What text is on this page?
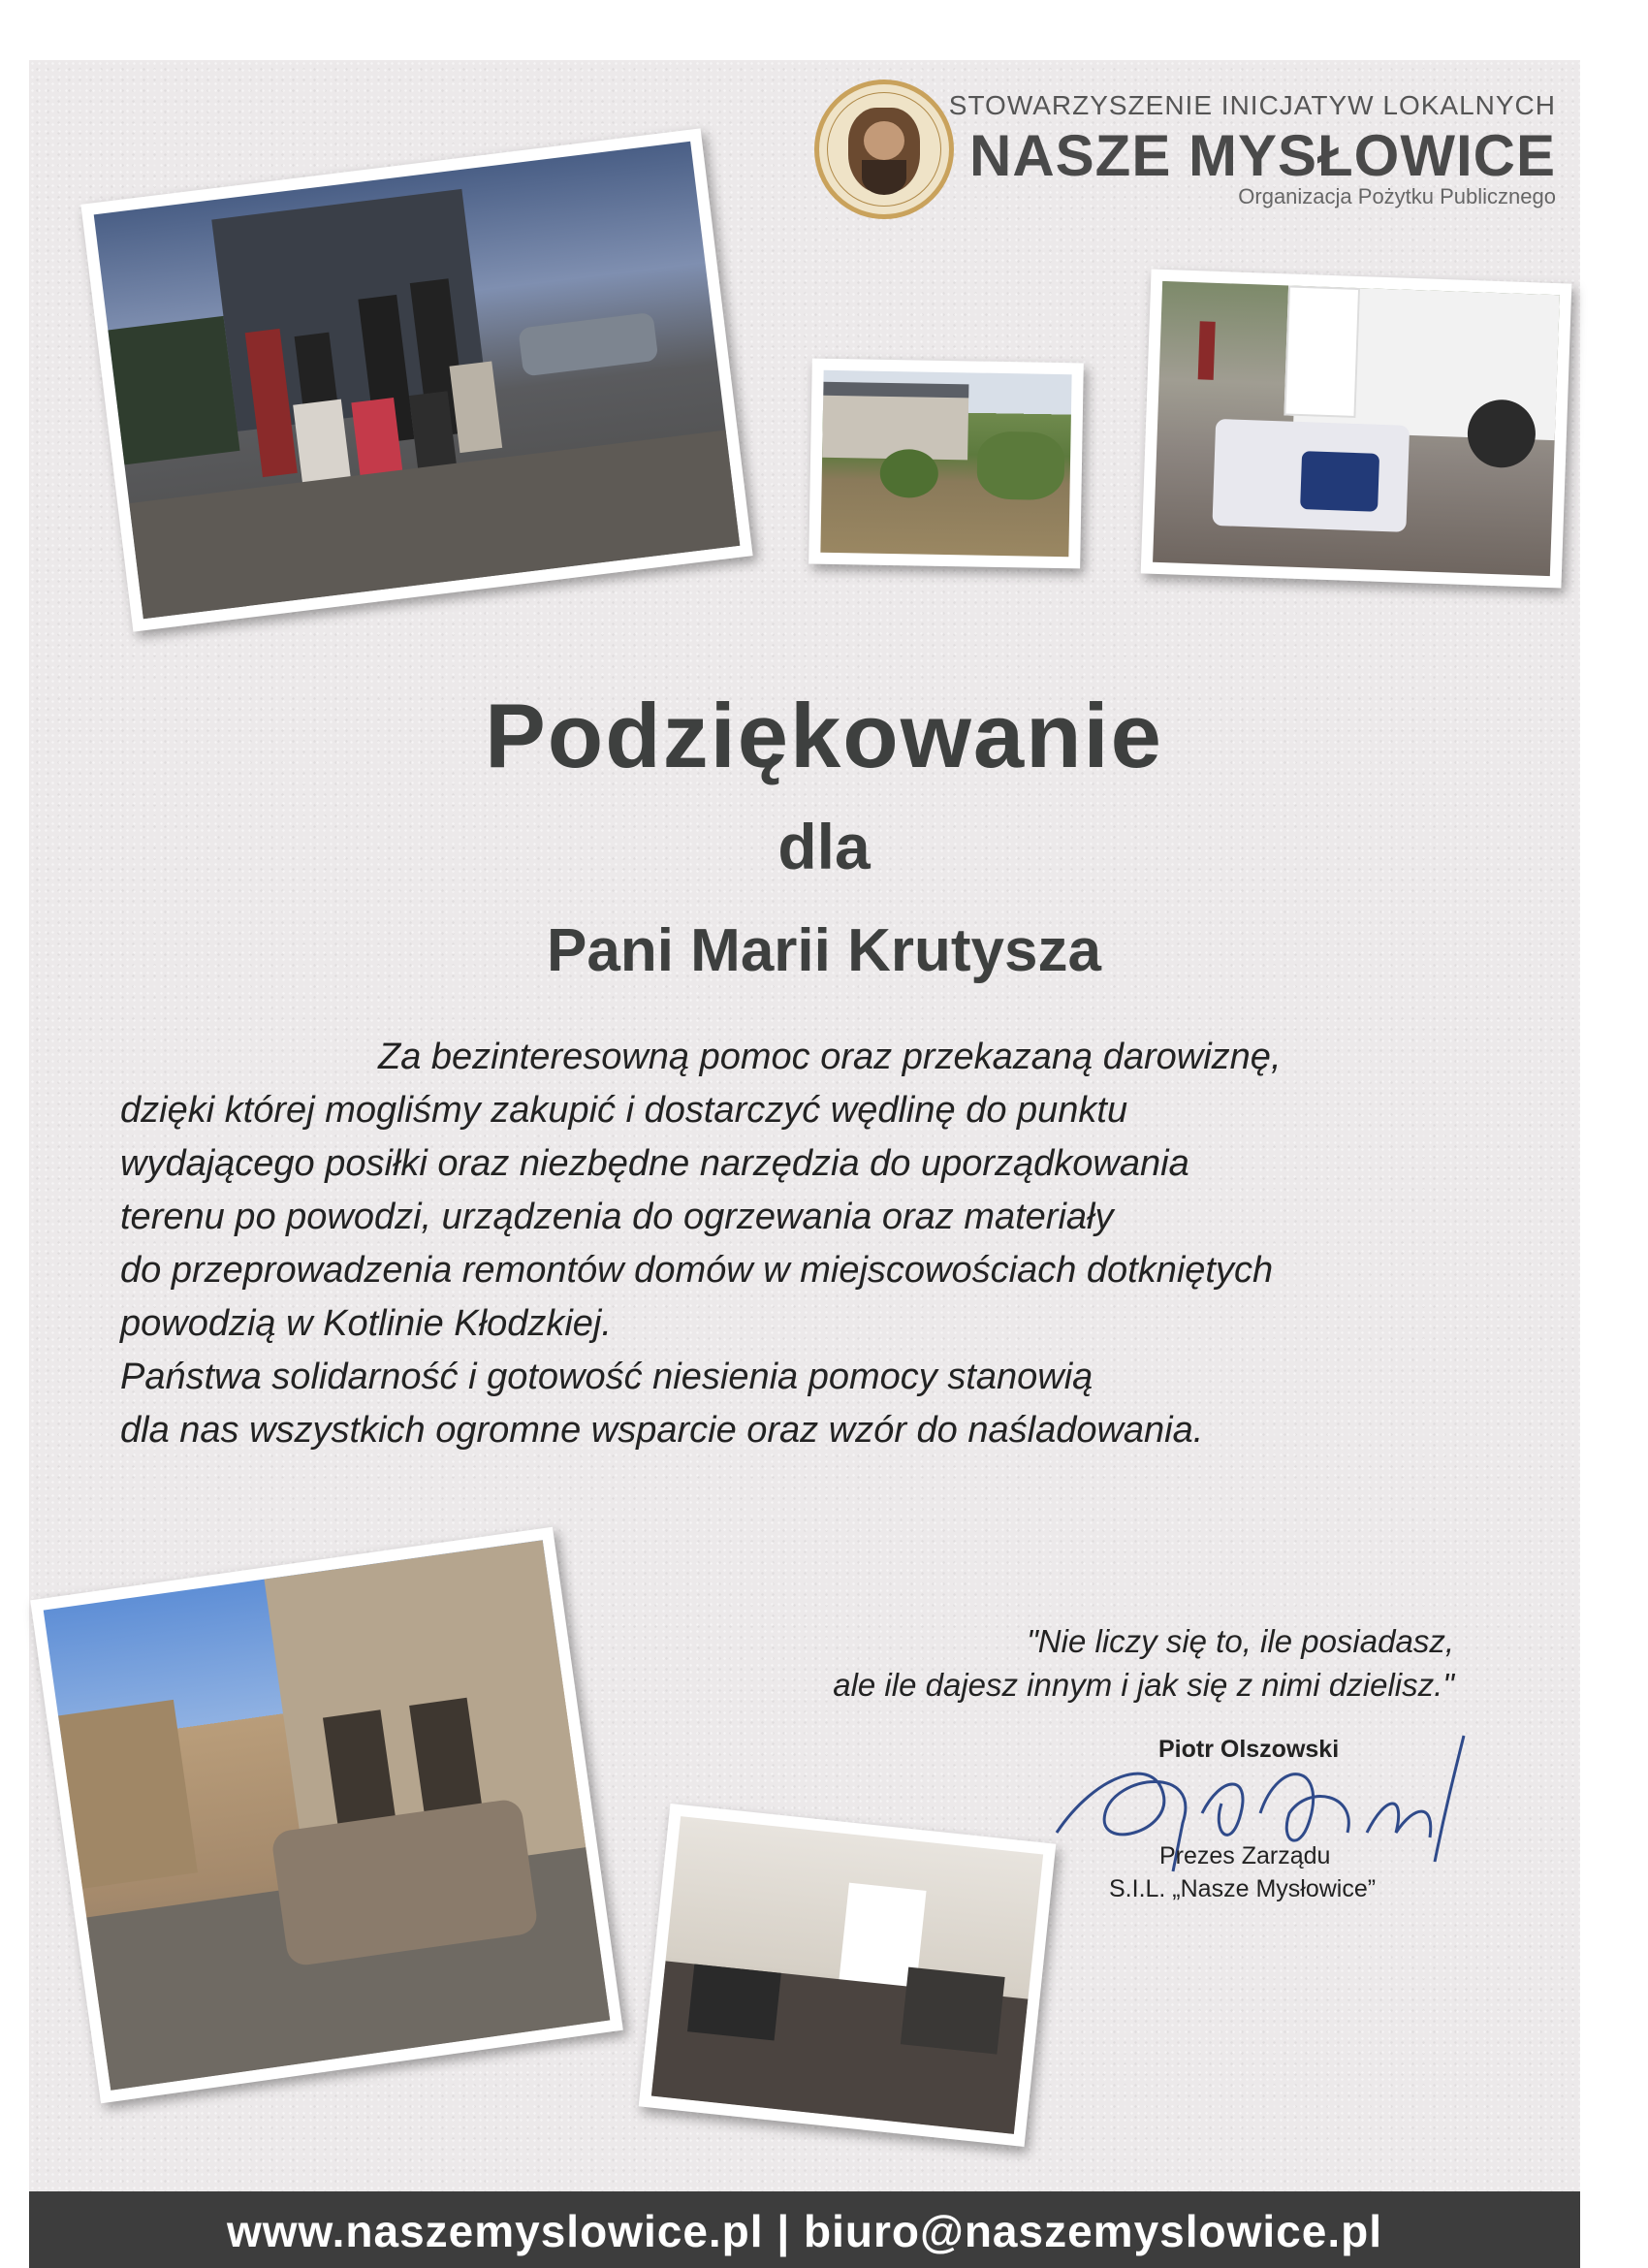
STOWARZYSZENIE INICJATYW LOKALNYCH
NASZE MYSŁOWICE
Organizacja Pożytku Publicznego
Podziękowanie
dla
Pani Marii Krutysza
Za bezinteresowną pomoc oraz przekazaną darowiznę,
dzięki której mogliśmy zakupić i dostarczyć wędlinę do punktu
wydającego posiłki oraz niezbędne narzędzia do uporządkowania
terenu po powodzi, urządzenia do ogrzewania oraz materiały
do przeprowadzenia remontów domów w miejscowościach dotkniętych
powodzią w Kotlinie Kłodzkiej.
Państwa solidarność i gotowość niesienia pomocy stanowią
dla nas wszystkich ogromne wsparcie oraz wzór do naśladowania.
"Nie liczy się to, ile posiadasz,
ale ile dajesz innym i jak się z nimi dzielisz."
Piotr Olszowski
Prezes Zarządu
S.I.L. „Nasze Mysłowice”
www.naszemyslowice.pl | biuro@naszemyslowice.pl
